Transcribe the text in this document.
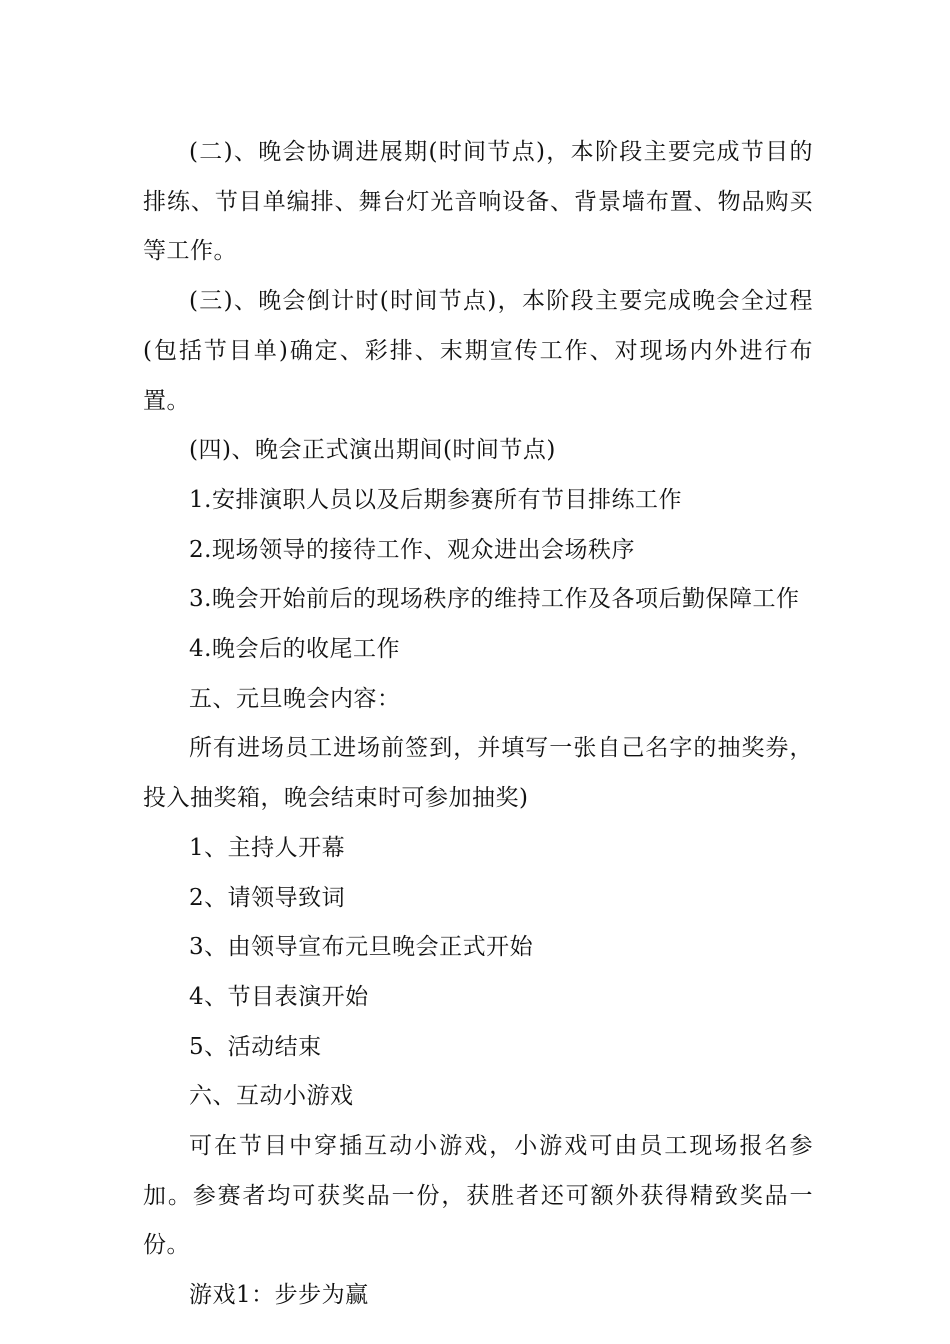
(二)、晚会协调进展期(时间节点)，本阶段主要完成节目的排练、节目单编排、舞台灯光音响设备、背景墙布置、物品购买等工作。

(三)、晚会倒计时(时间节点)，本阶段主要完成晚会全过程(包括节目单)确定、彩排、末期宣传工作、对现场内外进行布置。

(四)、晚会正式演出期间(时间节点)

1.安排演职人员以及后期参赛所有节目排练工作

2.现场领导的接待工作、观众进出会场秩序

3.晚会开始前后的现场秩序的维持工作及各项后勤保障工作

4.晚会后的收尾工作

五、元旦晚会内容：

所有进场员工进场前签到，并填写一张自己名字的抽奖券，投入抽奖箱，晚会结束时可参加抽奖)

1、主持人开幕

2、请领导致词

3、由领导宣布元旦晚会正式开始

4、节目表演开始

5、活动结束

六、互动小游戏

可在节目中穿插互动小游戏，小游戏可由员工现场报名参加。参赛者均可获奖品一份，获胜者还可额外获得精致奖品一份。

游戏1：步步为赢
